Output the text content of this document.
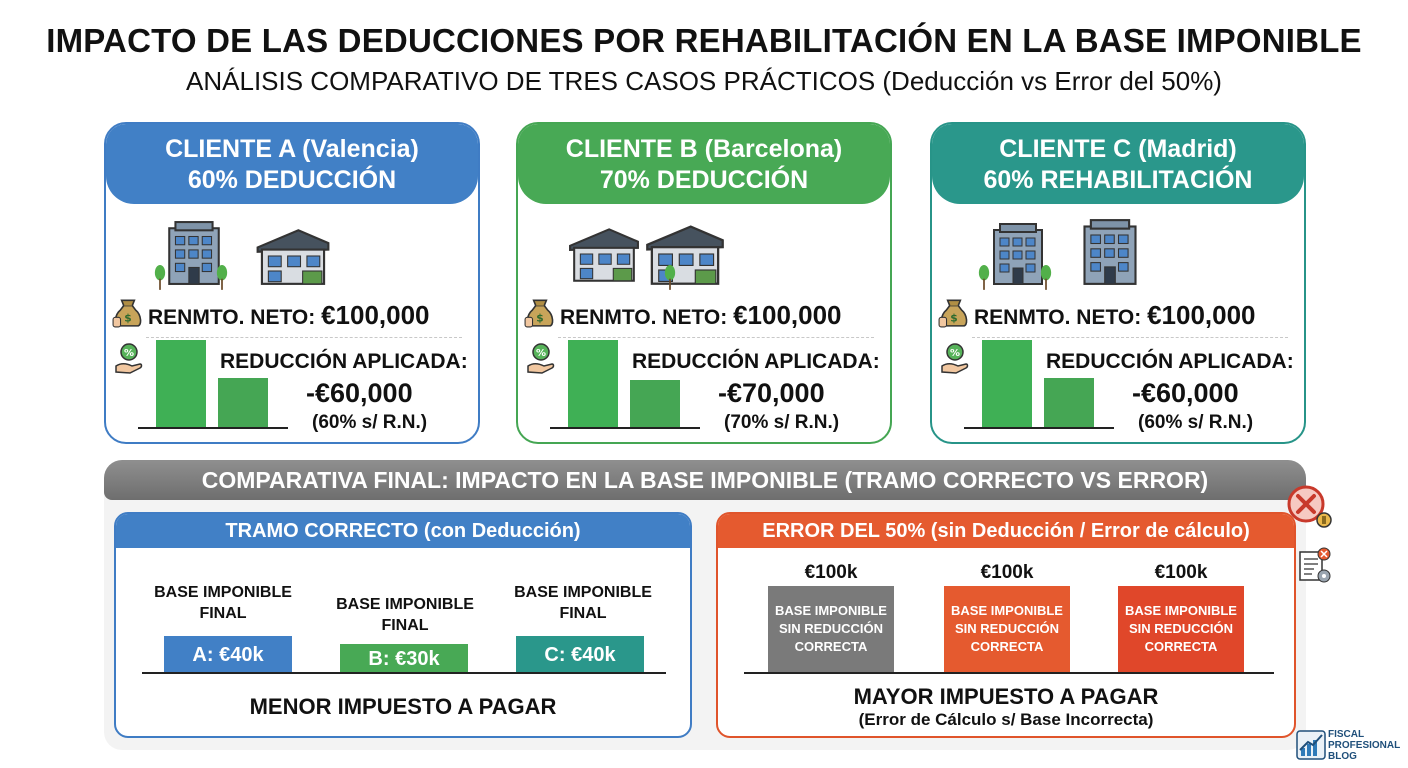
IMPACTO DE LAS DEDUCCIONES POR REHABILITACIÓN EN LA BASE IMPONIBLE
ANÁLISIS COMPARATIVO DE TRES CASOS PRÁCTICOS (Deducción vs Error del 50%)
CLIENTE A (Valencia)
60% DEDUCCIÓN
RENMTO. NETO: €100,000
REDUCCIÓN APLICADA:
-€60,000
(60% s/ R.N.)
CLIENTE B (Barcelona)
70% DEDUCCIÓN
RENMTO. NETO: €100,000
REDUCCIÓN APLICADA:
-€70,000
(70% s/ R.N.)
CLIENTE C (Madrid)
60% REHABILITACIÓN
RENMTO. NETO: €100,000
REDUCCIÓN APLICADA:
-€60,000
(60% s/ R.N.)
COMPARATIVA FINAL: IMPACTO EN LA BASE IMPONIBLE (TRAMO CORRECTO VS ERROR)
TRAMO CORRECTO (con Deducción)
BASE IMPONIBLE
FINAL
BASE IMPONIBLE
FINAL
BASE IMPONIBLE
FINAL
A: €40k	B: €30k	C: €40k
MENOR IMPUESTO A PAGAR
ERROR DEL 50% (sin Deducción / Error de cálculo)
€100k	€100k	€100k
BASE IMPONIBLE
SIN REDUCCIÓN
CORRECTA
BASE IMPONIBLE
SIN REDUCCIÓN
CORRECTA
BASE IMPONIBLE
SIN REDUCCIÓN
CORRECTA
MAYOR IMPUESTO A PAGAR
(Error de Cálculo s/ Base Incorrecta)
FISCAL
PROFESIONAL
BLOG
